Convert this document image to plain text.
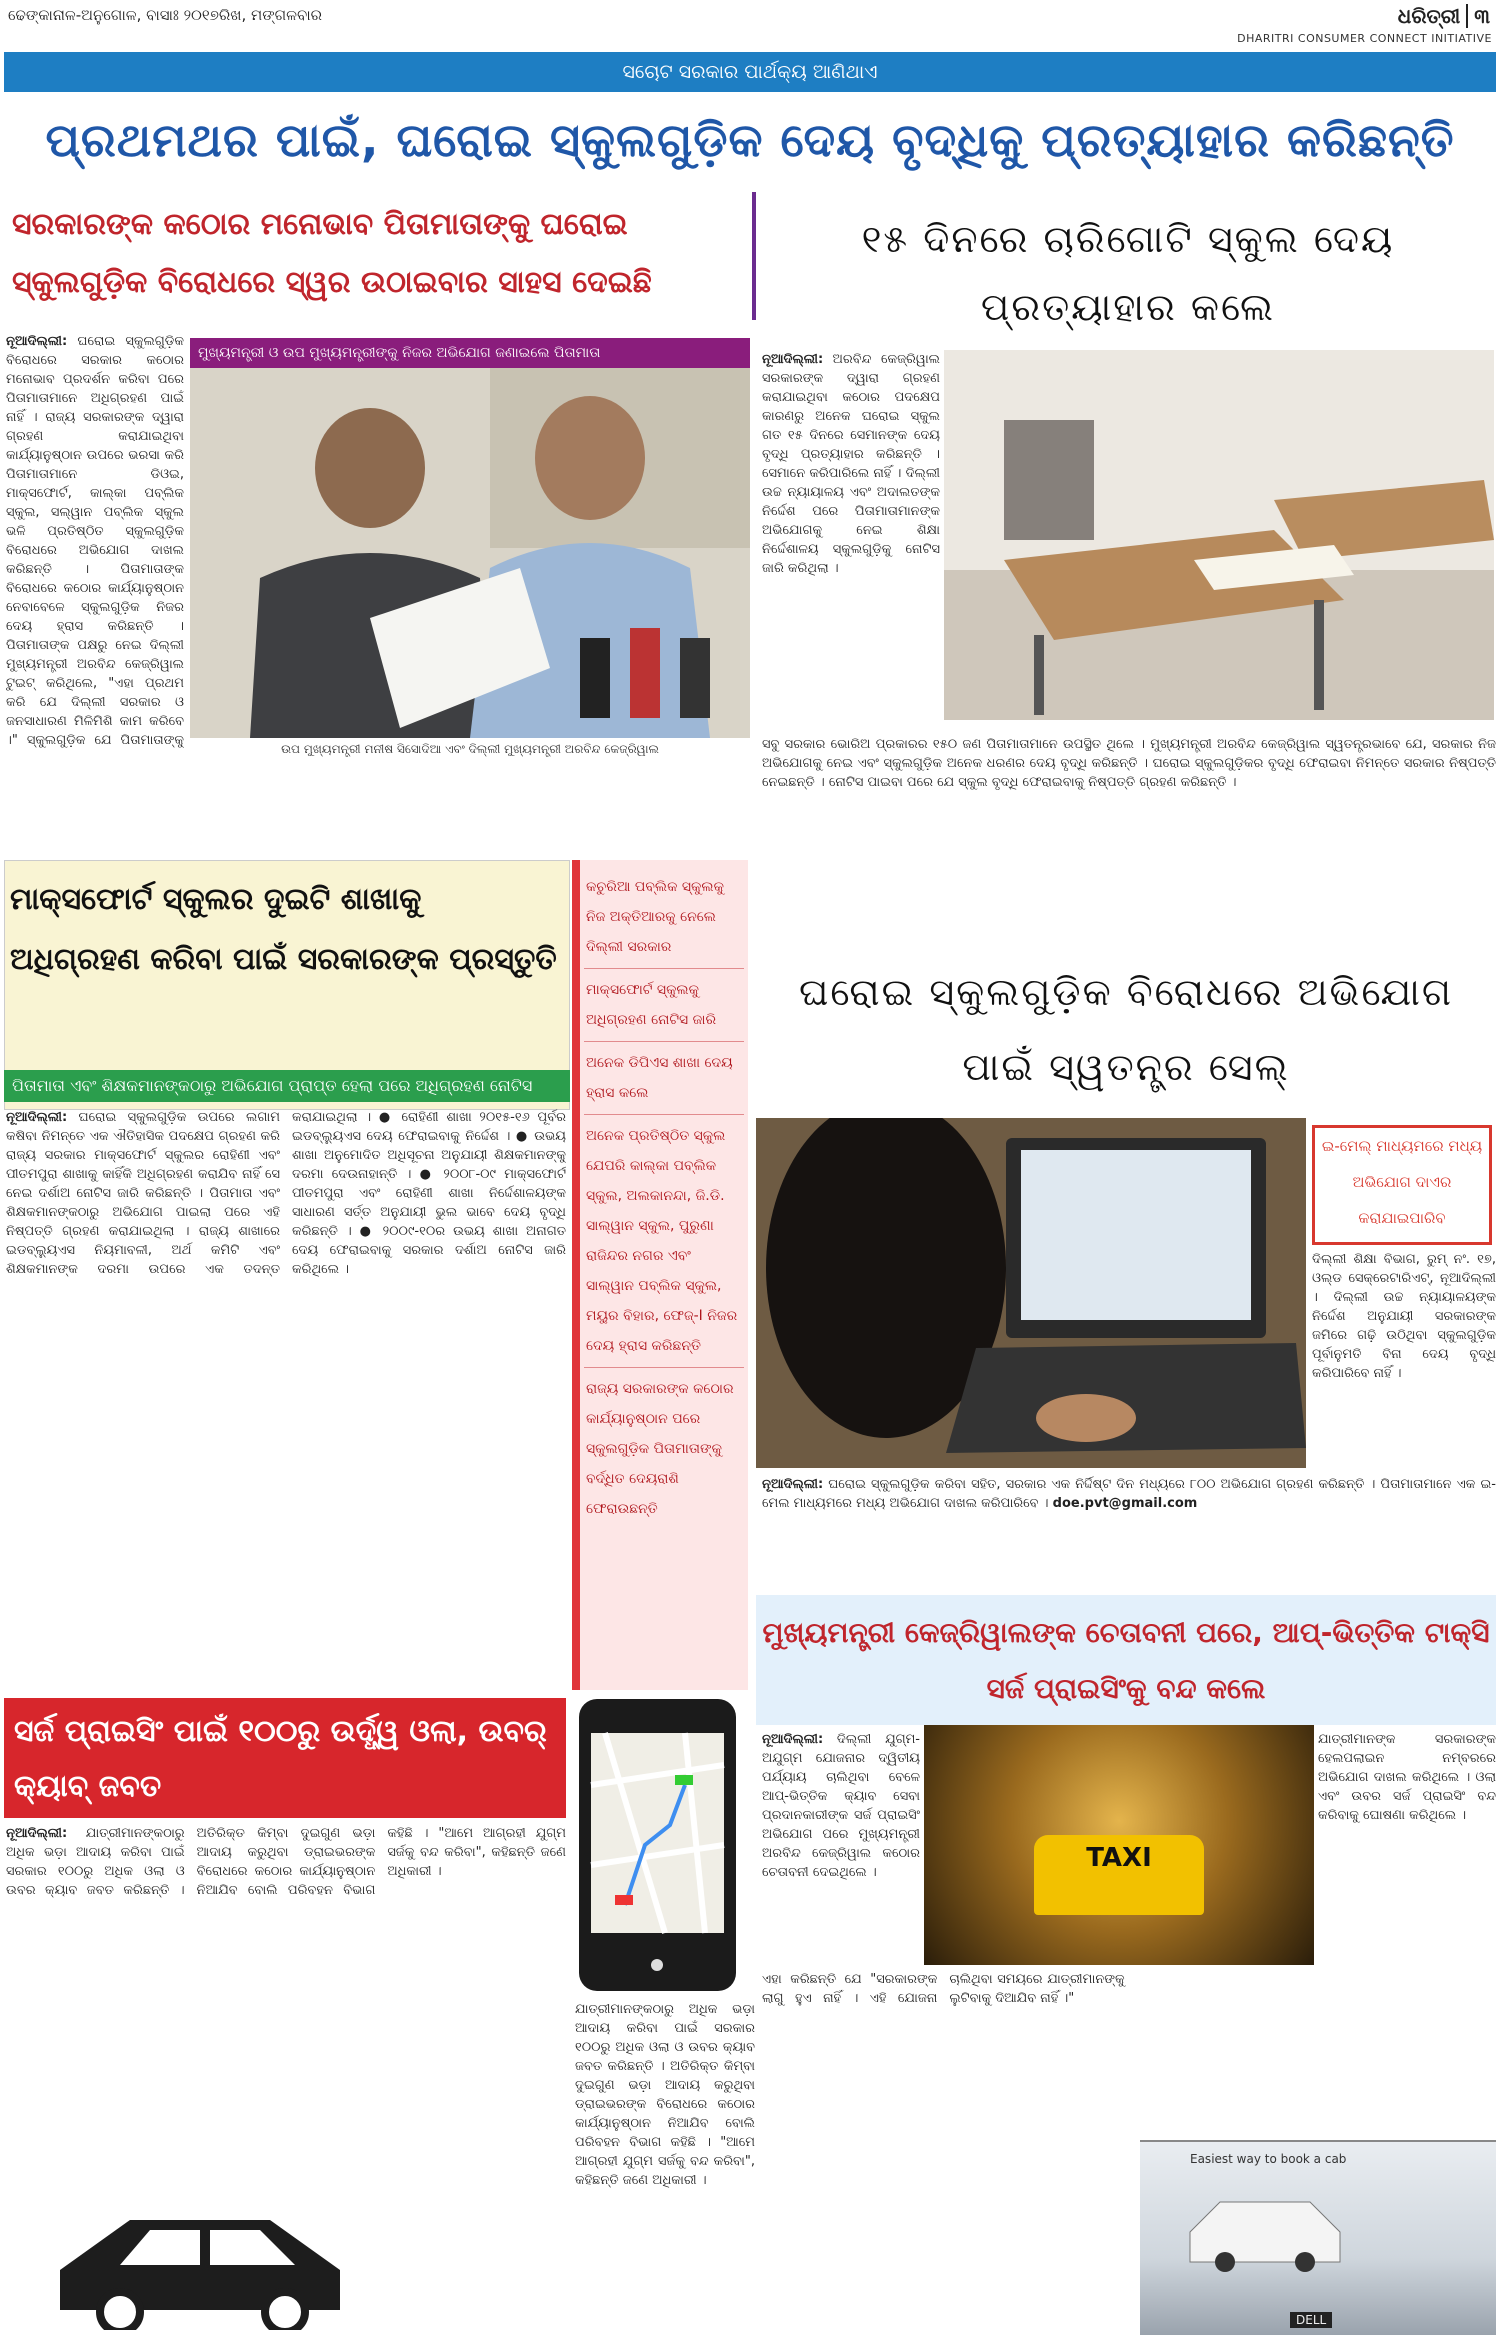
ଢେଙ୍କାନାଳ-ଅନୁଗୋଳ, ବାସାଃ ୨୦୧୭ରିଖ, ମଙ୍ଗଳବାର	ଧରିତ୍ରୀ ୩
DHARITRI CONSUMER CONNECT INITIATIVE
ସଚୋଟ ସରକାର ପାର୍ଥକ୍ୟ ଆଣିଥାଏ
ପ୍ରଥମଥର ପାଇଁ, ଘରୋଇ ସ୍କୁଲଗୁଡ଼ିକ ଦେୟ ବୃଦ୍ଧିକୁ ପ୍ରତ୍ୟାହାର କରିଛନ୍ତି
ସରକାରଙ୍କ କଠୋର ମନୋଭାବ ପିତାମାତାଙ୍କୁ ଘରୋଇ ସ୍କୁଲଗୁଡ଼ିକ ବିରୋଧରେ ସ୍ୱର ଉଠାଇବାର ସାହସ ଦେଇଛି
ନୂଆଦିଲ୍ଲୀ: ଘରୋଇ ସ୍କୁଲଗୁଡ଼ିକ ବିରୋଧରେ ସରକାର କଠୋର ମନୋଭାବ ପ୍ରଦର୍ଶନ କରିବା ପରେ ପିତାମାତାମାନେ ଅଧିଗ୍ରହଣ ପାଇଁ ନାହିଁ । ରାଜ୍ୟ ସରକାରଙ୍କ ଦ୍ୱାରା ଗ୍ରହଣ କରାଯାଇଥିବା କାର୍ଯ୍ୟାନୁଷ୍ଠାନ ଉପରେ ଭରସା କରି ପିତାମାତାମାନେ ଡିଓଇ, ମାକ୍ସଫୋର୍ଟ, କାଲ୍କା ପବ୍ଲିକ ସ୍କୁଲ, ସଲ୍ୱାନ ପବ୍ଲିକ ସ୍କୁଲ ଭଳି ପ୍ରତିଷ୍ଠିତ ସ୍କୁଲଗୁଡ଼ିକ ବିରୋଧରେ ଅଭିଯୋଗ ଦାଖଲ କରିଛନ୍ତି । ପିତାମାତାଙ୍କ ବିରୋଧରେ କଠୋର କାର୍ଯ୍ୟାନୁଷ୍ଠାନ ନେବାବେଳେ ସ୍କୁଲଗୁଡ଼ିକ ନିଜର ଦେୟ ହ୍ରାସ କରିଛନ୍ତି । ପିତାମାତାଙ୍କ ପକ୍ଷରୁ ନେଇ ଦିଲ୍ଲୀ ମୁଖ୍ୟମନ୍ତ୍ରୀ ଅରବିନ୍ଦ କେଜ୍ରିୱାଲ ଟୁଇଟ୍ କରିଥିଲେ, "ଏହା ପ୍ରଥମ କରି ଯେ ଦିଲ୍ଲୀ ସରକାର ଓ ଜନସାଧାରଣ ମିଳିମିଶି କାମ କରିବେ ।" ସ୍କୁଲଗୁଡ଼ିକ ଯେ ପିତାମାତାଙ୍କୁ
ମୁଖ୍ୟମନ୍ତ୍ରୀ ଓ ଉପ ମୁଖ୍ୟମନ୍ତ୍ରୀଙ୍କୁ ନିଜର ଅଭିଯୋଗ ଜଣାଇଲେ ପିତାମାତା
ଉପ ମୁଖ୍ୟମନ୍ତ୍ରୀ ମନୀଷ ସିସୋଦିଆ ଏବଂ ଦିଲ୍ଲୀ ମୁଖ୍ୟମନ୍ତ୍ରୀ ଅରବିନ୍ଦ କେଜ୍ରିୱାଲ
୧୫ ଦିନରେ ଚାରିଗୋଟି ସ୍କୁଲ ଦେୟ ପ୍ରତ୍ୟାହାର କଲେ
ନୂଆଦିଲ୍ଲୀ: ଅରବିନ୍ଦ କେଜ୍ରିୱାଲ ସରକାରଙ୍କ ଦ୍ୱାରା ଗ୍ରହଣ କରାଯାଇଥିବା କଠୋର ପଦକ୍ଷେପ କାରଣରୁ ଅନେକ ଘରୋଇ ସ୍କୁଲ ଗତ ୧୫ ଦିନରେ ସେମାନଙ୍କ ଦେୟ ବୃଦ୍ଧି ପ୍ରତ୍ୟାହାର କରିଛନ୍ତି । ସେମାନେ କରିପାରିଲେ ନାହିଁ । ଦିଲ୍ଲୀ ଉଚ୍ଚ ନ୍ୟାୟାଳୟ ଏବଂ ଅଦାଲତଙ୍କ ନିର୍ଦ୍ଦେଶ ପରେ ପିତାମାତାମାନଙ୍କ ଅଭିଯୋଗକୁ ନେଇ ଶିକ୍ଷା ନିର୍ଦ୍ଦେଶାଳୟ ସ୍କୁଲଗୁଡ଼ିକୁ ନୋଟିସ ଜାରି କରିଥିଲା ।
ସବୁ ସରକାର ଭୋରିଅ ପ୍ରକାରର ୧୫୦ ଜଣ ପିତାମାତାମାନେ ଉପସ୍ଥିତ ଥିଲେ । ମୁଖ୍ୟମନ୍ତ୍ରୀ ଅରବିନ୍ଦ କେଜ୍ରିୱାଲ ସ୍ୱତନ୍ତ୍ରଭାବେ ଯେ, ସରକାର ନିଜ ଅଭିଯୋଗକୁ ନେଇ ଏବଂ ସ୍କୁଲଗୁଡ଼ିକ ଅନେକ ଧରଣର ଦେୟ ବୃଦ୍ଧି କରିଛନ୍ତି । ଘରୋଇ ସ୍କୁଲଗୁଡ଼ିକର ବୃଦ୍ଧି ଫେରାଇବା ନିମନ୍ତେ ସରକାର ନିଷ୍ପତ୍ତି ନେଇଛନ୍ତି । ନୋଟିସ ପାଇବା ପରେ ଯେ ସ୍କୁଲ ବୃଦ୍ଧି ଫେରାଇବାକୁ ନିଷ୍ପତ୍ତି ଗ୍ରହଣ କରିଛନ୍ତି ।
ମାକ୍ସଫୋର୍ଟ ସ୍କୁଲର ଦୁଇଟି ଶାଖାକୁ ଅଧିଗ୍ରହଣ କରିବା ପାଇଁ ସରକାରଙ୍କ ପ୍ରସ୍ତୁତି
ପିତାମାତା ଏବଂ ଶିକ୍ଷକମାନଙ୍କଠାରୁ ଅଭିଯୋଗ ପ୍ରାପ୍ତ ହେଲା ପରେ ଅଧିଗ୍ରହଣ ନୋଟିସ
ନୂଆଦିଲ୍ଲୀ: ଘରୋଇ ସ୍କୁଲଗୁଡ଼ିକ ଉପରେ ଲଗାମ କଷିବା ନିମନ୍ତେ ଏକ ଐତିହାସିକ ପଦକ୍ଷେପ ଗ୍ରହଣ କରି ରାଜ୍ୟ ସରକାର ମାକ୍ସଫୋର୍ଟ ସ୍କୁଲର ରୋହିଣୀ ଏବଂ ପୀତମପୁରା ଶାଖାକୁ କାହିଁକି ଅଧିଗ୍ରହଣ କରାଯିବ ନାହିଁ ସେ ନେଇ ଦର୍ଶାଅ ନୋଟିସ ଜାରି କରିଛନ୍ତି । ପିତାମାତା ଏବଂ ଶିକ୍ଷକମାନଙ୍କଠାରୁ ଅଭିଯୋଗ ପାଇଲା ପରେ ଏହି ନିଷ୍ପତ୍ତି ଗ୍ରହଣ କରାଯାଇଥିଲା । ରାଜ୍ୟ ଶାଖାରେ ଇଡବ୍ଲ୍ୟୁଏସ ନିୟମାବଳୀ, ଅର୍ଥ କମିଟି ଏବଂ ଶିକ୍ଷକମାନଙ୍କ ଦରମା ଉପରେ ଏକ ତଦନ୍ତ କରାଯାଇଥିଲା । ● ରୋହିଣୀ ଶାଖା ୨୦୧୫-୧୬ ପୂର୍ବର ଇଡବ୍ଲ୍ୟୁଏସ ଦେୟ ଫେରାଇବାକୁ ନିର୍ଦ୍ଦେଶ । ● ଉଭୟ ଶାଖା ଅନୁମୋଦିତ ଅଧିସୂଚନା ଅନୁଯାୟୀ ଶିକ୍ଷକମାନଙ୍କୁ ଦରମା ଦେଉନାହାନ୍ତି । ● ୨୦୦୮-୦୯ ମାକ୍ସଫୋର୍ଟ ପୀତମପୁରା ଏବଂ ରୋହିଣୀ ଶାଖା ନିର୍ଦ୍ଦେଶାଳୟଙ୍କ ସାଧାରଣ ସର୍ତ୍ତ ଅନୁଯାୟୀ ଭୁଲ ଭାବେ ଦେୟ ବୃଦ୍ଧି କରିଛନ୍ତି । ● ୨୦୦୯-୧୦ର ଉଭୟ ଶାଖା ଅନାଗତ ଦେୟ ଫେରାଇବାକୁ ସରକାର ଦର୍ଶାଅ ନୋଟିସ ଜାରି କରିଥିଲେ ।
କଚୁରିଆ ପବ୍ଲିକ ସ୍କୁଲକୁ ନିଜ ଅକ୍ତିଆରକୁ ନେଲେ ଦିଲ୍ଲୀ ସରକାର
ମାକ୍ସଫୋର୍ଟ ସ୍କୁଲକୁ ଅଧିଗ୍ରହଣ ନୋଟିସ ଜାରି
ଅନେକ ଡିପିଏସ ଶାଖା ଦେୟ ହ୍ରାସ କଲେ
ଅନେକ ପ୍ରତିଷ୍ଠିତ ସ୍କୁଲ ଯେପରି କାଲ୍କା ପବ୍ଲିକ ସ୍କୁଲ, ଅଲକାନନ୍ଦା, ଜି.ଡି. ସାଲ୍ୱାନ ସ୍କୁଲ, ପୁରୁଣା ରାଜିନ୍ଦର ନଗର ଏବଂ ସାଲ୍ୱାନ ପବ୍ଲିକ ସ୍କୁଲ, ମୟୁର ବିହାର, ଫେଜ୍-I ନିଜର ଦେୟ ହ୍ରାସ କରିଛନ୍ତି
ରାଜ୍ୟ ସରକାରଙ୍କ କଠୋର କାର୍ଯ୍ୟାନୁଷ୍ଠାନ ପରେ ସ୍କୁଲଗୁଡ଼ିକ ପିତାମାତାଙ୍କୁ ବର୍ଦ୍ଧିତ ଦେୟରାଶି ଫେରାଉଛନ୍ତି
ଘରୋଇ ସ୍କୁଲଗୁଡ଼ିକ ବିରୋଧରେ ଅଭିଯୋଗ ପାଇଁ ସ୍ୱତନ୍ତ୍ର ସେଲ୍
ଇ-ମେଲ୍ ମାଧ୍ୟମରେ ମଧ୍ୟ ଅଭିଯୋଗ ଦାଏର କରାଯାଇପାରିବ
ଦିଲ୍ଲୀ ଶିକ୍ଷା ବିଭାଗ, ରୁମ୍ ନଂ. ୧୭, ଓଲ୍ଡ ସେକ୍ରେଟାରିଏଟ୍, ନୂଆଦିଲ୍ଲୀ । ଦିଲ୍ଲୀ ଉଚ୍ଚ ନ୍ୟାୟାଳୟଙ୍କ ନିର୍ଦ୍ଦେଶ ଅନୁଯାୟୀ ସରକାରଙ୍କ ଜମିରେ ଗଢ଼ି ଉଠିଥିବା ସ୍କୁଲଗୁଡ଼ିକ ପୂର୍ବାନୁମତି ବିନା ଦେୟ ବୃଦ୍ଧି କରିପାରିବେ ନାହିଁ ।
ନୂଆଦିଲ୍ଲୀ: ଘରୋଇ ସ୍କୁଲଗୁଡ଼ିକ କରିବା ସହିତ, ସରକାର ଏକ ନିର୍ଦ୍ଦିଷ୍ଟ ଦିନ ମଧ୍ୟରେ ୮୦୦ ଅଭିଯୋଗ ଗ୍ରହଣ କରିଛନ୍ତି । ପିତାମାତାମାନେ ଏକ ଇ-ମେଲ ମାଧ୍ୟମରେ ମଧ୍ୟ ଅଭିଯୋଗ ଦାଖଲ କରିପାରିବେ । doe.pvt@gmail.com
ମୁଖ୍ୟମନ୍ତ୍ରୀ କେଜ୍ରିୱାଲଙ୍କ ଚେତାବନୀ ପରେ, ଆପ୍-ଭିତ୍ତିକ ଟାକ୍ସି ସର୍ଜ ପ୍ରାଇସିଂକୁ ବନ୍ଦ କଲେ
ନୂଆଦିଲ୍ଲୀ: ଦିଲ୍ଲୀ ଯୁଗ୍ମ-ଅଯୁଗ୍ମ ଯୋଜନାର ଦ୍ୱିତୀୟ ପର୍ଯ୍ୟାୟ ଚାଲିଥିବା ବେଳେ ଆପ୍-ଭିତ୍ତିକ କ୍ୟାବ ସେବା ପ୍ରଦାନକାରୀଙ୍କ ସର୍ଜ ପ୍ରାଇସିଂ ଅଭିଯୋଗ ପରେ ମୁଖ୍ୟମନ୍ତ୍ରୀ ଅରବିନ୍ଦ କେଜ୍ରିୱାଲ କଠୋର ଚେତାବନୀ ଦେଇଥିଲେ ।	TAXI
ଯାତ୍ରୀମାନଙ୍କ ସରକାରଙ୍କ ହେଲପଲାଇନ ନମ୍ବରରେ ଅଭିଯୋଗ ଦାଖଲ କରିଥିଲେ । ଓଲା ଏବଂ ଉବର ସର୍ଜ ପ୍ରାଇସିଂ ବନ୍ଦ କରିବାକୁ ଘୋଷଣା କରିଥିଲେ ।
ଏହା କରିଛନ୍ତି ଯେ "ସରକାରଙ୍କ ଲାଗୁ ହୁଏ ନାହିଁ । ଏହି ଯୋଜନା ଚାଲିଥିବା ସମୟରେ ଯାତ୍ରୀମାନଙ୍କୁ ଲୁଟିବାକୁ ଦିଆଯିବ ନାହିଁ ।"
ସର୍ଜ ପ୍ରାଇସିଂ ପାଇଁ ୧୦୦ରୁ ଉର୍ଦ୍ଧ୍ୱ ଓଲା, ଉବର୍ କ୍ୟାବ୍ ଜବତ
ନୂଆଦିଲ୍ଲୀ: ଯାତ୍ରୀମାନଙ୍କଠାରୁ ଅଧିକ ଭଡ଼ା ଆଦାୟ କରିବା ପାଇଁ ସରକାର ୧୦୦ରୁ ଅଧିକ ଓଲା ଓ ଉବର କ୍ୟାବ ଜବତ କରିଛନ୍ତି । ଅତିରିକ୍ତ କିମ୍ବା ଦୁଇଗୁଣ ଭଡ଼ା ଆଦାୟ କରୁଥିବା ଡ୍ରାଇଭରଙ୍କ ବିରୋଧରେ କଠୋର କାର୍ଯ୍ୟାନୁଷ୍ଠାନ ନିଆଯିବ ବୋଲି ପରିବହନ ବିଭାଗ କହିଛି । "ଆମେ ଆଗ୍ରହୀ ଯୁଗ୍ମ ସର୍ଜକୁ ବନ୍ଦ କରିବା", କହିଛନ୍ତି ଜଣେ ଅଧିକାରୀ ।
ଯାତ୍ରୀମାନଙ୍କଠାରୁ ଅଧିକ ଭଡ଼ା ଆଦାୟ କରିବା ପାଇଁ ସରକାର ୧୦୦ରୁ ଅଧିକ ଓଲା ଓ ଉବର କ୍ୟାବ ଜବତ କରିଛନ୍ତି । ଅତିରିକ୍ତ କିମ୍ବା ଦୁଇଗୁଣ ଭଡ଼ା ଆଦାୟ କରୁଥିବା ଡ୍ରାଇଭରଙ୍କ ବିରୋଧରେ କଠୋର କାର୍ଯ୍ୟାନୁଷ୍ଠାନ ନିଆଯିବ ବୋଲି ପରିବହନ ବିଭାଗ କହିଛି । "ଆମେ ଆଗ୍ରହୀ ଯୁଗ୍ମ ସର୍ଜକୁ ବନ୍ଦ କରିବା", କହିଛନ୍ତି ଜଣେ ଅଧିକାରୀ ।
Easiest way to book a cab
DELL
